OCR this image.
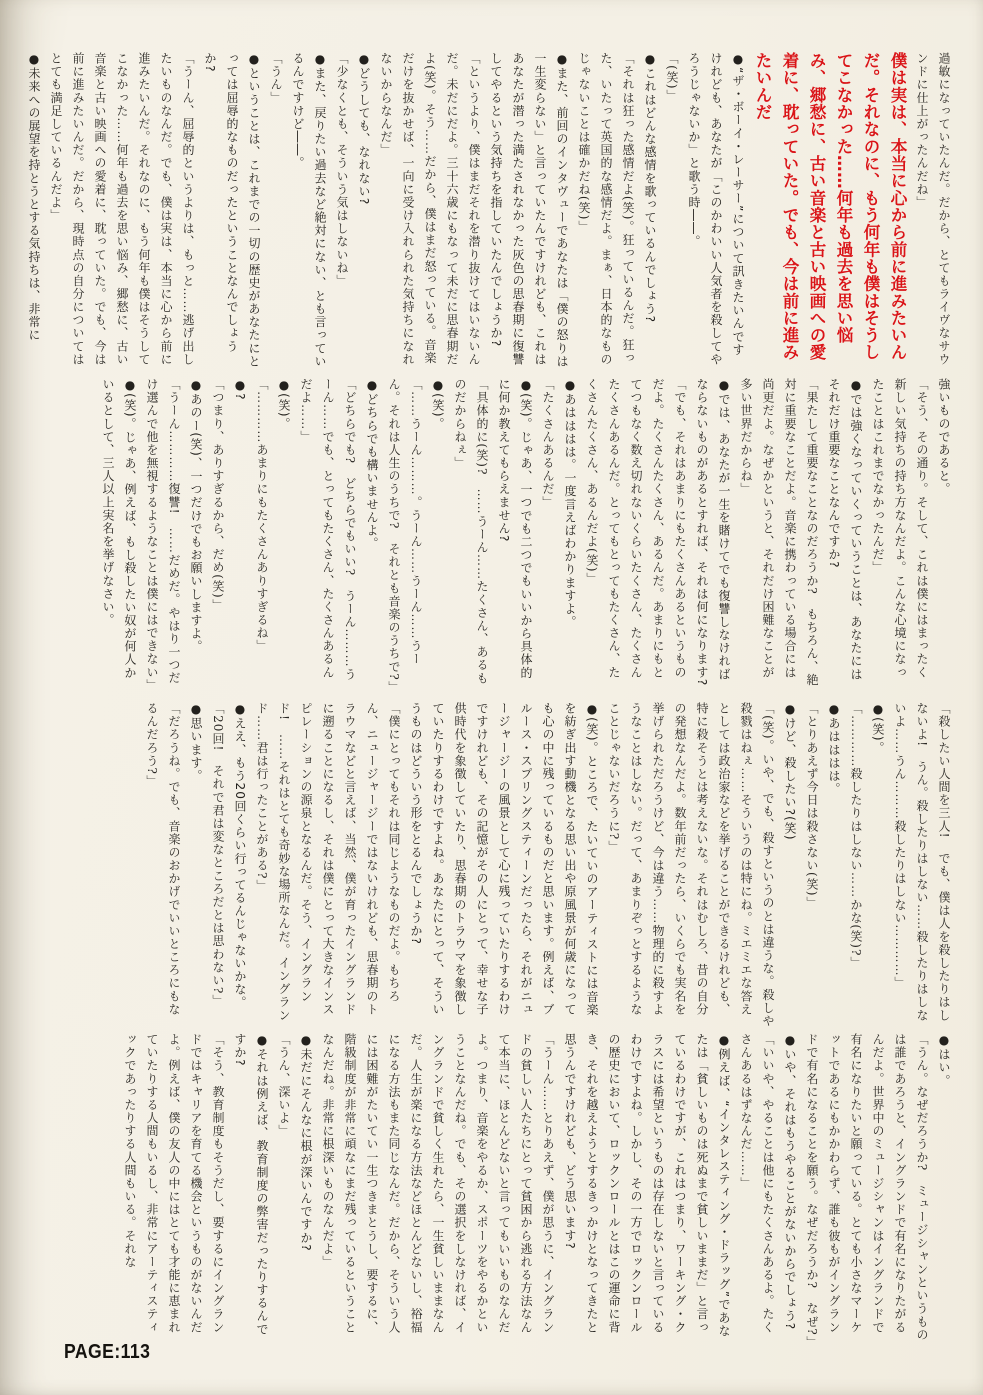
過敏になっていたんだ。だから、とてもライヴなサウンドに仕上がったんだね」

僕は実は、本当に心から前に進みたいんだ。それなのに、もう何年も僕はそうしてこなかった……何年も過去を思い悩み、郷愁に、古い音楽と古い映画への愛着に、耽っていた。でも、今は前に進みたいんだ

●“ザ・ボーイ・レーサー”について訊きたいんですけれども、あなたが「このかわいい人気者を殺してやろうじゃないか」と歌う時――。

「(笑)」

●これはどんな感情を歌っているんでしょう?

「それは狂った感情だよ(笑)。狂っているんだ。狂った、いたって英国的な感情だよ。まぁ、日本的なものじゃないことは確かだね(笑)」

●また、前回のインタヴューであなたは「僕の怒りは一生変らない」と言っていたんですけれども、これはあなたが潜った満たされなかった灰色の思春期に復讐してやるという気持ちを指していたんでしょうか?

「というより、僕はまだそれを潜り抜けてはいないんだ。未だにだよ。三十六歳にもなって未だに思春期だよ(笑)。そう……だから、僕はまだ怒っている。音楽だけを抜かせば、一向に受け入れられた気持ちになれないからなんだ」

●どうしても、なれない?

「少なくとも、そういう気はしないね」

●また、戻りたい過去など絶対にない、とも言っているんですけど――。

「うん」

●ということは、これまでの一切の歴史があなたにとっては屈辱的なものだったということなんでしょうか?

「うーん、屈辱的というよりは、もっと……逃げ出したいものなんだ。でも、僕は実は、本当に心から前に進みたいんだ。それなのに、もう何年も僕はそうしてこなかった……何年も過去を思い悩み、郷愁に、古い音楽と古い映画への愛着に、耽っていた。でも、今は前に進みたいんだ。だから、現時点の自分についてはとても満足しているんだよ」

●未来への展望を持とうとする気持ちは、非常に

強いものであると。

「そう、その通り。そして、これは僕にはまったく新しい気持ちの持ち方なんだよ。こんな心境になったことはこれまでなかったんだ」

●では強くなっていくっていうことは、あなたにはそれだけ重要なことなんですか?

「果たして重要なことなのだろうか?　もちろん、絶対に重要なことだよ。音楽に携わっている場合には尚更だよ。なぜかというと、それだけ困難なことが多い世界だからね」

●では、あなたが一生を賭けてでも復讐しなければならないものがあるとすれば、それは何になります?

「でも、それはあまりにもたくさんあるというものだよ。たくさんたくさん、あるんだ。あまりにもとてつもなく数え切れないくらいたくさん、たくさんたくさんあるんだ。とってもとってもたくさん、たくさんたくさん、あるんだよ(笑)」

●あはははは。一度言えばわかりますよ。

「たくさんあるんだ」

●(笑)。じゃあ、一つでも二つでもいいから具体的に何か教えてもらえません?

「具体的に(笑)?　……うーん……たくさん、あるものだからねぇ」

●(笑)。

「……うーん………。うーん……うーん……うーん。それは人生のうちで?　それとも音楽のうちで?」

●どちらでも構いませんよ。

「どちらでも?　どちらでもいい?　うーん………うーん……でも、とってもたくさん、たくさんあるんだよ……」

●(笑)。

「…………あまりにもたくさんありすぎるね」

●?

「つまり、ありすぎるから、だめ(笑)」

●あのー(笑)、一つだけでもお願いしますよ。

「うーん…………復讐!　……だめだ。やはり一つだけ選んで他を無視するようなことは僕にはできない」

●(笑)。じゃあ、例えば、もし殺したい奴が何人かいるとして、三人以上実名を挙げなさい。

「殺したい人間を三人!　でも、僕は人を殺したりはしないよ!　うん。殺したりはしない……殺したりはしないよ……うん………殺したりはしない…………」

●(笑)。

「…………殺したりはしない……かな(笑)?」

●あはははは。

「とりあえず今日は殺さない(笑)」

●けど、殺したい?(笑)

「(笑)。いや、でも、殺すというのとは違うな。殺しや殺戮はねぇ……そういうのは特にね。ミエミエな答えとしては政治家などを挙げることができるけれども、特に殺そうとは考えないな。それはむしろ、昔の自分の発想なんだよ。数年前だったら、いくらでも実名を挙げられただろうけど、今は違う……物理的に殺すようなことはしない。だって、あまりぞっとするようなことじゃないだろうに?」

●(笑)。ところで、たいていのアーティストには音楽を紡ぎ出す動機となる思い出や原風景が何歳になっても心の中に残っているものだと思います。例えば、ブルース・スプリングスティーンだったら、それがニュージャージーの風景として心に残っていたりするわけですけれども、その記憶がその人にとって、幸せな子供時代を象徴していたり、思春期のトラウマを象徴していたりするわけですよね。あなたにとって、そういうものはどういう形をとるんでしょうか?

「僕にとってもそれは同じようなものだよ。もちろん、ニュージャージーではないけれども、思春期のトラウマなどと言えば、当然、僕が育ったイングランドに遡ることになるし、それは僕にとって大きなインスピレーションの源泉となるんだ。そう、イングランド!　……それはとても奇妙な場所なんだ。イングランド……君は行ったことがある?」

●ええ、もう20回くらい行ってるんじゃないかな。

「20回!　それで君は変なところだとは思わない?」

●思います。

「だろうね。でも、音楽のおかげでいいところにもなるんだろう?」

●はい。

「うん。なぜだろうか?　ミュージシャンというものは誰であろうと、イングランドで有名になりたがるんだよ。世界中のミュージシャンはイングランドで有名になりたいと願っている。とても小さなマーケットであるにもかかわらず、誰も彼もがイングランドで有名になることを願う。なぜだろうか?　なぜ?」

●いや、それはもうやることがないからでしょう?

「いいや、やることは他にもたくさんあるよ。たくさんあるはずなんだ……」

●例えば、“インタレスティング・ドラッグ”であなたは「貧しいものは死ぬまで貧しいままだ」と言っているわけですが、これはつまり、ワーキング・クラスには希望というものは存在しないと言っているわけですよね。しかし、その一方でロックンロールの歴史において、ロックンロールとはこの運命に背き、それを越えようとするきっかけとなってきたと思うんですけれども、どう思います?

「うーん……とりあえず、僕が思うに、イングランドの貧しい人たちにとって貧困から逃れる方法なんて本当に、ほとんどないと言ってもいいものなんだよ。つまり、音楽をやるか、スポーツをやるかということなんだね。でも、その選択をしなければ、イングランドで貧しく生れたら、一生貧しいままなんだ。人生が楽になる方法などほとんどないし、裕福になる方法もまた同じなんだ。だから、そういう人には困難がたいてい一生つきまとうし、要するに、階級制度が非常に頑なにまだ残っているということなんだね。非常に根深いものなんだよ」

●未だにそんなに根が深いんですか?

「うん、深いよ」

●それは例えば、教育制度の弊害だったりするんですか?

「そう、教育制度もそうだし、要するにイングランドではキャリアを育てる機会というものがないんだよ。例えば、僕の友人の中にはとても才能に恵まれていたりする人間もいるし、非常にアーティスティックであったりする人間もいる。それな

PAGE:113
